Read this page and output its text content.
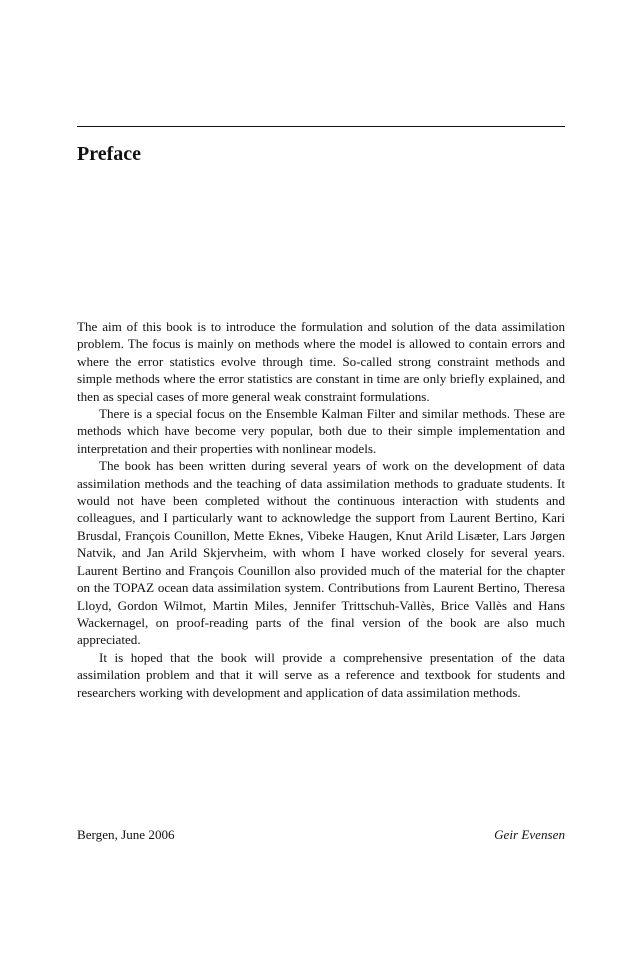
Preface

The aim of this book is to introduce the formulation and solution of the data assimilation problem. The focus is mainly on methods where the model is allowed to contain errors and where the error statistics evolve through time. So-called strong constraint methods and simple methods where the error statistics are constant in time are only briefly explained, and then as special cases of more general weak constraint formulations.

There is a special focus on the Ensemble Kalman Filter and similar methods. These are methods which have become very popular, both due to their simple implementation and interpretation and their properties with nonlinear models.

The book has been written during several years of work on the development of data assimilation methods and the teaching of data assimilation methods to graduate students. It would not have been completed without the continuous interaction with students and colleagues, and I particularly want to acknowledge the support from Laurent Bertino, Kari Brusdal, François Counillon, Mette Eknes, Vibeke Haugen, Knut Arild Lisæter, Lars Jørgen Natvik, and Jan Arild Skjervheim, with whom I have worked closely for several years. Laurent Bertino and François Counillon also provided much of the material for the chapter on the TOPAZ ocean data assimilation system. Contributions from Laurent Bertino, Theresa Lloyd, Gordon Wilmot, Martin Miles, Jennifer Trittschuh-Vallès, Brice Vallès and Hans Wackernagel, on proof-reading parts of the final version of the book are also much appreciated.

It is hoped that the book will provide a comprehensive presentation of the data assimilation problem and that it will serve as a reference and textbook for students and researchers working with development and application of data assimilation methods.

Bergen, June 2006	Geir Evensen
